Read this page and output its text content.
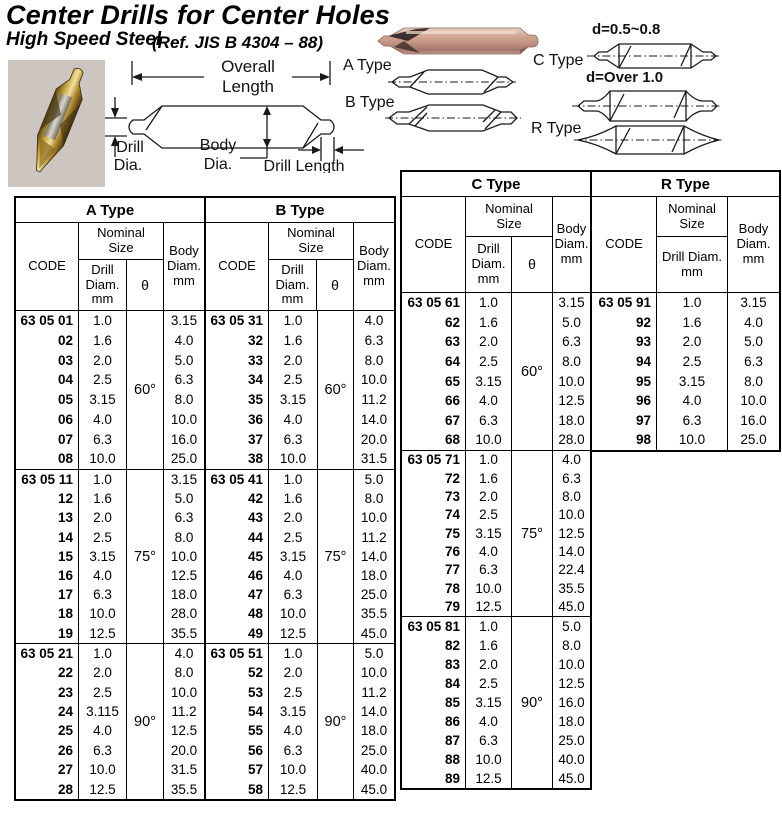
Center Drills for Center Holes
High Speed Steel
(Ref. JIS B 4304 – 88)
Overall
Length
Drill
Dia.
Body
Dia. Drill Length
A Type
B Type
C Type
d=0.5~0.8
d=Over 1.0
R Type
A Type
CODE
Nominal Size
Drill Diam. mm
θ
Body Diam. mm
63 05 01
02
03
04
05
06
07
08
1.0
1.6
2.0
2.5
3.15
4.0
6.3
10.0
60°
3.15
4.0
5.0
6.3
8.0
10.0
16.0
25.0
63 05 11
12
13
14
15
16
17
18
19
1.0
1.6
2.0
2.5
3.15
4.0
6.3
10.0
12.5
75°
3.15
5.0
6.3
8.0
10.0
12.5
18.0
28.0
35.5
63 05 21
22
23
24
25
26
27
28
1.0
2.0
2.5
3.115
4.0
6.3
10.0
12.5
90°
4.0
8.0
10.0
11.2
12.5
20.0
31.5
35.5
B Type
CODE
Nominal Size
Drill Diam. mm
θ
Body Diam. mm
63 05 31
32
33
34
35
36
37
38
1.0
1.6
2.0
2.5
3.15
4.0
6.3
10.0
60°
4.0
6.3
8.0
10.0
11.2
14.0
20.0
31.5
63 05 41
42
43
44
45
46
47
48
49
1.0
1.6
2.0
2.5
3.15
4.0
6.3
10.0
12.5
75°
5.0
8.0
10.0
11.2
14.0
18.0
25.0
35.5
45.0
63 05 51
52
53
54
55
56
57
58
1.0
2.0
2.5
3.15
4.0
6.3
10.0
12.5
90°
5.0
10.0
11.2
14.0
18.0
25.0
40.0
45.0
C Type
CODE
Nominal Size
Drill Diam. mm
θ
Body Diam. mm
63 05 61
62
63
64
65
66
67
68
1.0
1.6
2.0
2.5
3.15
4.0
6.3
10.0
60°
3.15
5.0
6.3
8.0
10.0
12.5
18.0
28.0
63 05 71
72
73
74
75
76
77
78
79
1.0
1.6
2.0
2.5
3.15
4.0
6.3
10.0
12.5
75°
4.0
6.3
8.0
10.0
12.5
14.0
22.4
35.5
45.0
63 05 81
82
83
84
85
86
87
88
89
1.0
1.6
2.0
2.5
3.15
4.0
6.3
10.0
12.5
90°
5.0
8.0
10.0
12.5
16.0
18.0
25.0
40.0
45.0
R Type
CODE
Nominal Size
Drill Diam. mm
Body Diam. mm
63 05 91
92
93
94
95
96
97
98
1.0
1.6
2.0
2.5
3.15
4.0
6.3
10.0
3.15
4.0
5.0
6.3
8.0
10.0
16.0
25.0
